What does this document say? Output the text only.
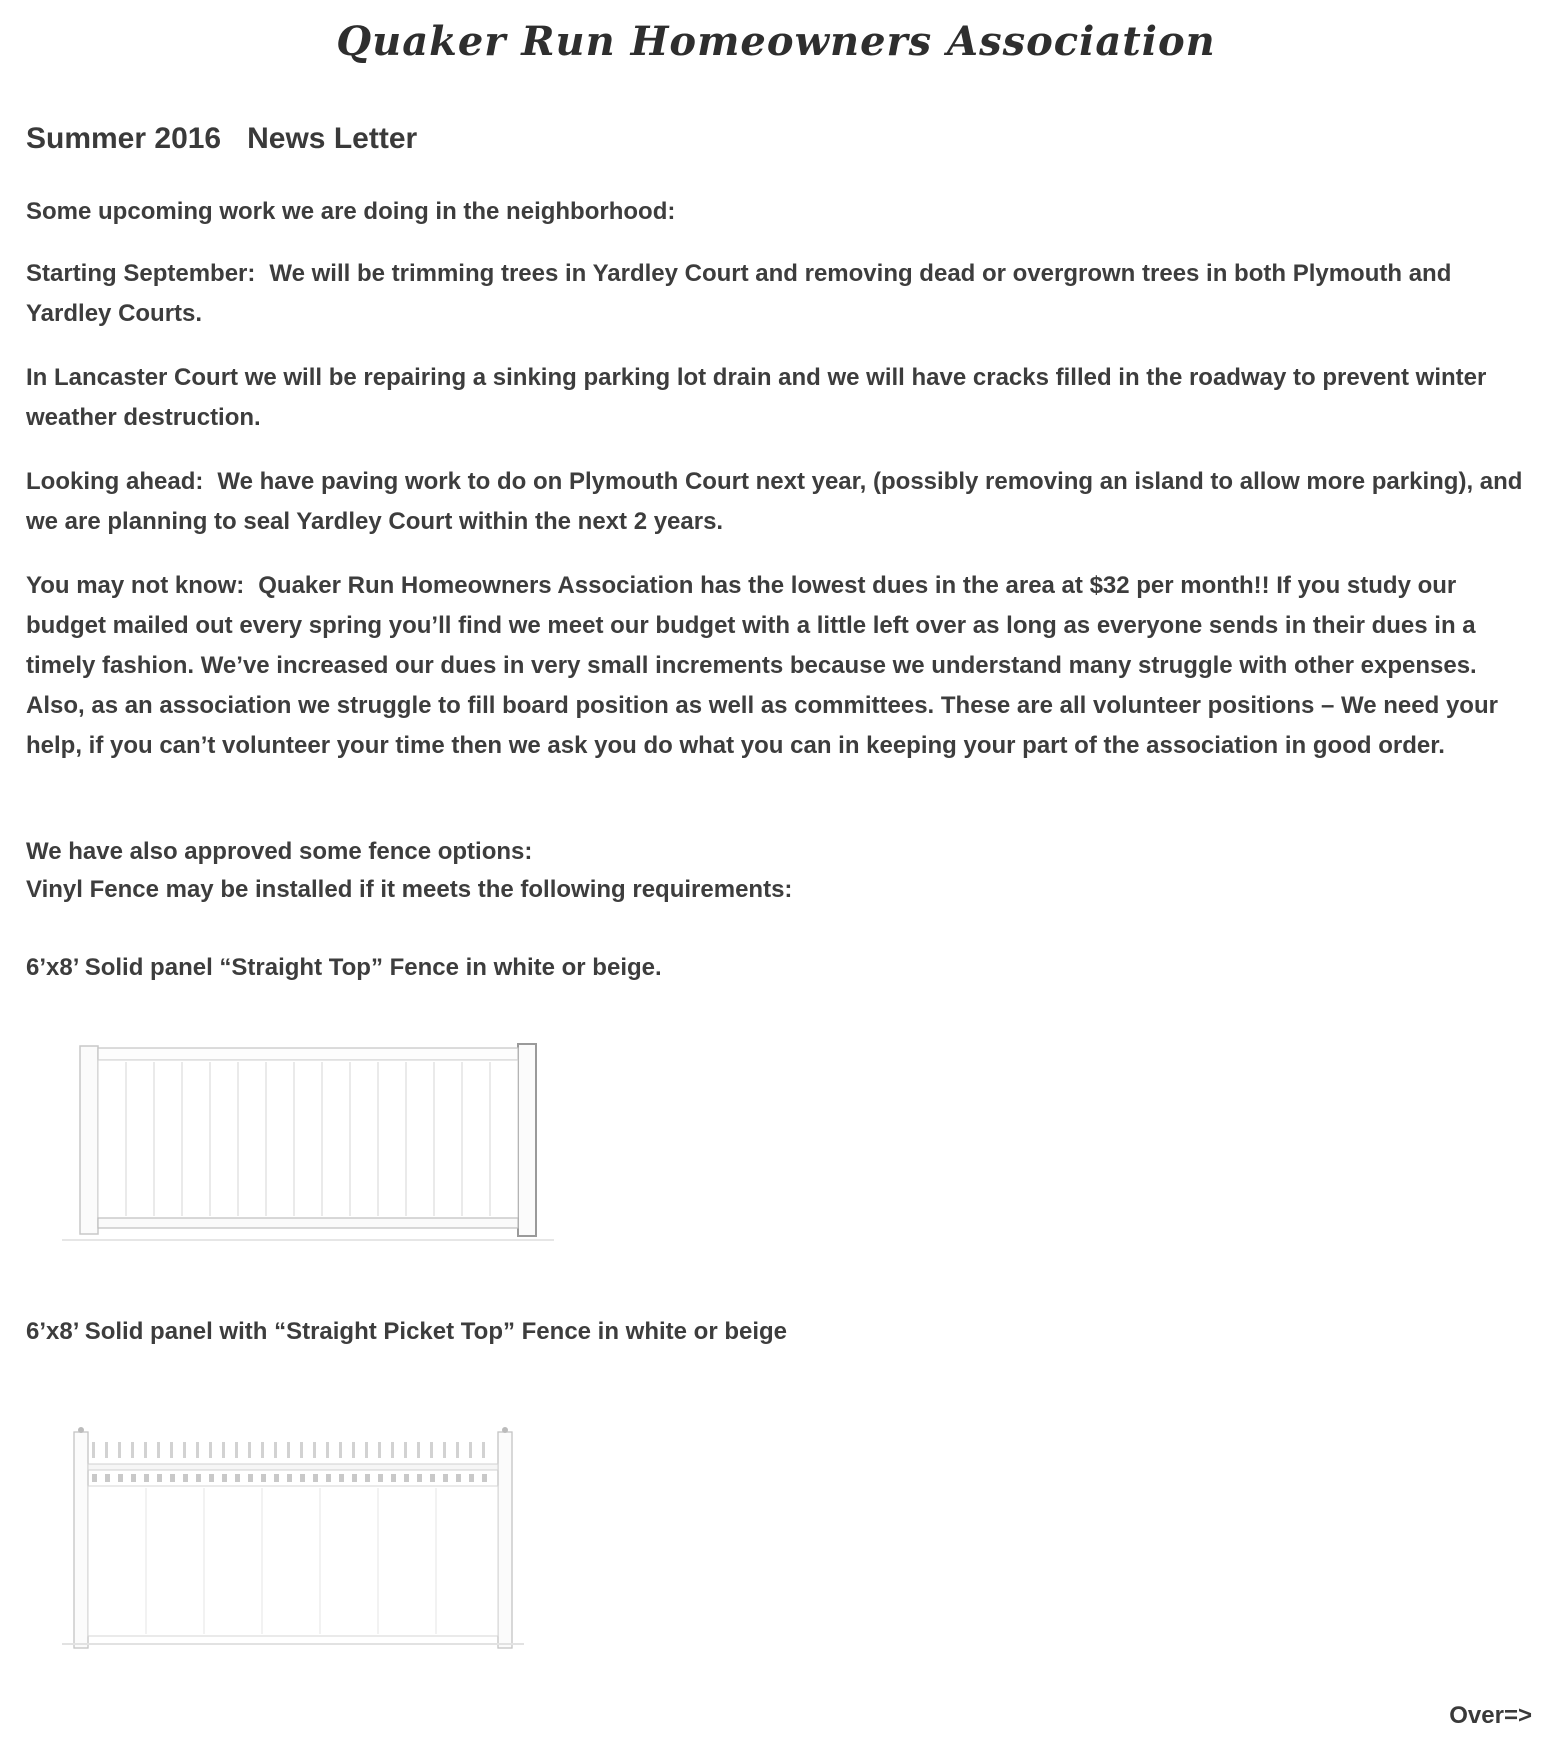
Quaker Run Homeowners Association
Summer 2016 News Letter
Some upcoming work we are doing in the neighborhood:
Starting September: We will be trimming trees in Yardley Court and removing dead or overgrown trees in both Plymouth and Yardley Courts.
In Lancaster Court we will be repairing a sinking parking lot drain and we will have cracks filled in the roadway to prevent winter weather destruction.
Looking ahead: We have paving work to do on Plymouth Court next year, (possibly removing an island to allow more parking), and we are planning to seal Yardley Court within the next 2 years.
You may not know: Quaker Run Homeowners Association has the lowest dues in the area at $32 per month!! If you study our budget mailed out every spring you’ll find we meet our budget with a little left over as long as everyone sends in their dues in a timely fashion. We’ve increased our dues in very small increments because we understand many struggle with other expenses. Also, as an association we struggle to fill board position as well as committees. These are all volunteer positions – We need your help, if you can’t volunteer your time then we ask you do what you can in keeping your part of the association in good order.
We have also approved some fence options:
Vinyl Fence may be installed if it meets the following requirements:
6’x8’ Solid panel “Straight Top” Fence in white or beige.
6’x8’ Solid panel with “Straight Picket Top” Fence in white or beige
Over=>
